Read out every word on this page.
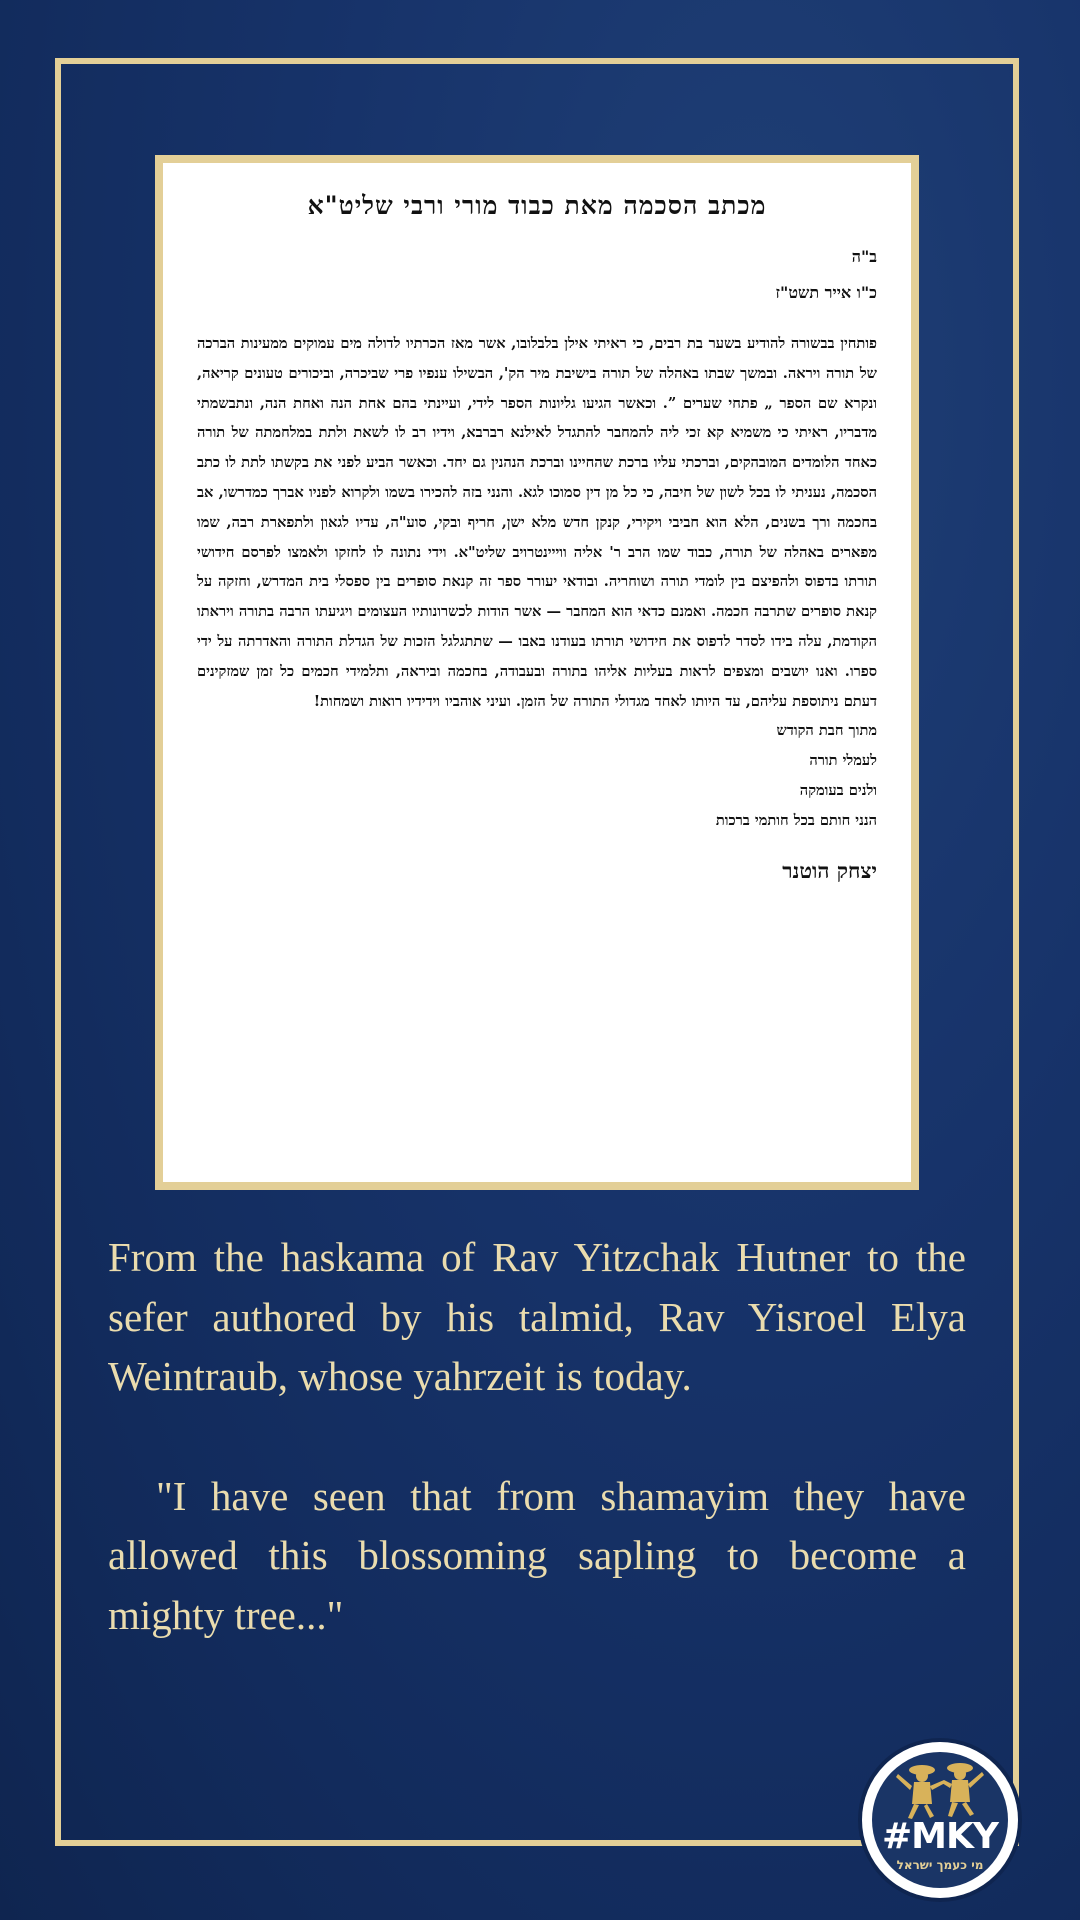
מכתב הסכמה מאת כבוד מורי ורבי שליט"א
ב"ה
כ"ו אייר תשט"ז

פותחין בבשורה להודיע בשער בת רבים, כי ראיתי אילן בלבלובו, אשר מאז הכרתיו לדולה מים עמוקים ממעינות הברכה של תורה ויראה. ובמשך שבתו באהלה של תורה בישיבת מיר הק', הבשילו ענפיו פרי שביכרה, וביכורים טעונים קריאה, ונקרא שם הספר „ פתחי שערים ”. וכאשר הגיעו גליונות הספר לידי, ועיינתי בהם אחת הנה ואחת הנה, ונתבשמתי מדבריו, ראיתי כי משמיא קא זכי ליה להמחבר להתגדל לאילנא רברבא, וידיו רב לו לשאת ולתת במלחמתה של תורה כאחד הלומדים המובהקים, וברכתי עליו ברכת שהחיינו וברכת הנהנין גם יחד. וכאשר הביע לפני את בקשתו לתת לו כתב הסכמה, נעניתי לו בכל לשון של חיבה, כי כל מן דין סמוכו לגא. והנני בזה להכירו בשמו ולקרוא לפניו אברך כמדרשו, אב בחכמה ורך בשנים, הלא הוא חביבי ויקירי, קנקן חדש מלא ישן, חריף ובקי, סוע"ה, עדיו לגאון ולתפארת רבה, שמו מפארים באהלה של תורה, כבוד שמו הרב ר' אליה ווייינטרויב שליט"א. וידי נתונה לו לחזקו ולאמצו לפרסם חידושי תורתו בדפוס ולהפיצם בין לומדי תורה ושוחריה. ובודאי יעורר ספר זה קנאת סופרים בין ספסלי בית המדרש, וחזקה על קנאת סופרים שתרבה חכמה. ואמנם כדאי הוא המחבר — אשר הודות לכשרונותיו העצומים ויגיעתו הרבה בתורה ויראתו הקודמת, עלה בידו לסדר לדפוס את חידושי תורתו בעודנו באבו — שתתגלגל הזכות של הגדלת התורה והאדרתה על ידי ספרו. ואנו יושבים ומצפים לראות בעליות אליהו בתורה ובעבודה, בחכמה וביראה, ותלמידי חכמים כל זמן שמזקינים דעתם ניתוספת עליהם, עד היותו לאחד מגדולי התורה של הזמן. ועיני אוהביו וידידיו רואות ושמחות!

מתוך חבת הקודש
לעמלי תורה
ולנים בעומקה
הנני חותם בכל חותמי ברכות
יצחק הוטנר

From the haskama of Rav Yitzchak Hutner to the sefer authored by his talmid, Rav Yisroel Elya Weintraub, whose yahrzeit is today.

"I have seen that from shamayim they have allowed this blossoming sapling to become a mighty tree..."

#MKY
מי כעמך ישראל
